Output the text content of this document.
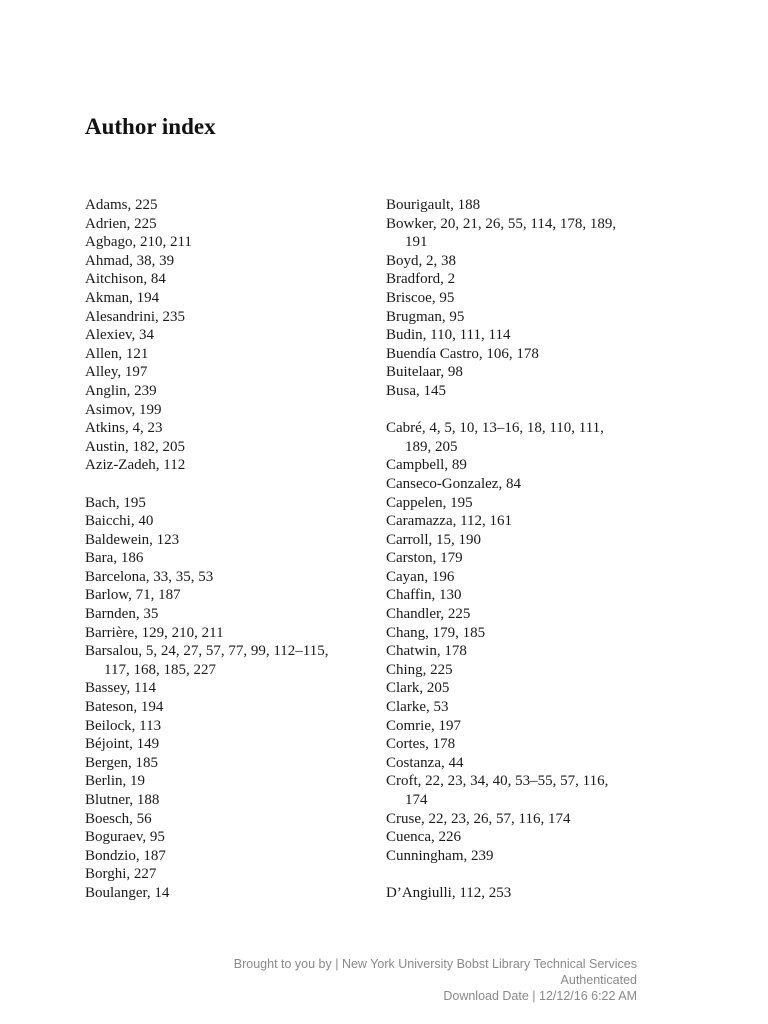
Author index
Adams, 225
Adrien, 225
Agbago, 210, 211
Ahmad, 38, 39
Aitchison, 84
Akman, 194
Alesandrini, 235
Alexiev, 34
Allen, 121
Alley, 197
Anglin, 239
Asimov, 199
Atkins, 4, 23
Austin, 182, 205
Aziz-Zadeh, 112
Bach, 195
Baicchi, 40
Baldewein, 123
Bara, 186
Barcelona, 33, 35, 53
Barlow, 71, 187
Barnden, 35
Barrière, 129, 210, 211
Barsalou, 5, 24, 27, 57, 77, 99, 112–115,
117, 168, 185, 227
Bassey, 114
Bateson, 194
Beilock, 113
Béjoint, 149
Bergen, 185
Berlin, 19
Blutner, 188
Boesch, 56
Boguraev, 95
Bondzio, 187
Borghi, 227
Boulanger, 14
Bourigault, 188
Bowker, 20, 21, 26, 55, 114, 178, 189,
191
Boyd, 2, 38
Bradford, 2
Briscoe, 95
Brugman, 95
Budin, 110, 111, 114
Buendía Castro, 106, 178
Buitelaar, 98
Busa, 145
Cabré, 4, 5, 10, 13–16, 18, 110, 111,
189, 205
Campbell, 89
Canseco-Gonzalez, 84
Cappelen, 195
Caramazza, 112, 161
Carroll, 15, 190
Carston, 179
Cayan, 196
Chaffin, 130
Chandler, 225
Chang, 179, 185
Chatwin, 178
Ching, 225
Clark, 205
Clarke, 53
Comrie, 197
Cortes, 178
Costanza, 44
Croft, 22, 23, 34, 40, 53–55, 57, 116,
174
Cruse, 22, 23, 26, 57, 116, 174
Cuenca, 226
Cunningham, 239
D’Angiulli, 112, 253
Brought to you by | New York University Bobst Library Technical Services
Authenticated
Download Date | 12/12/16 6:22 AM
